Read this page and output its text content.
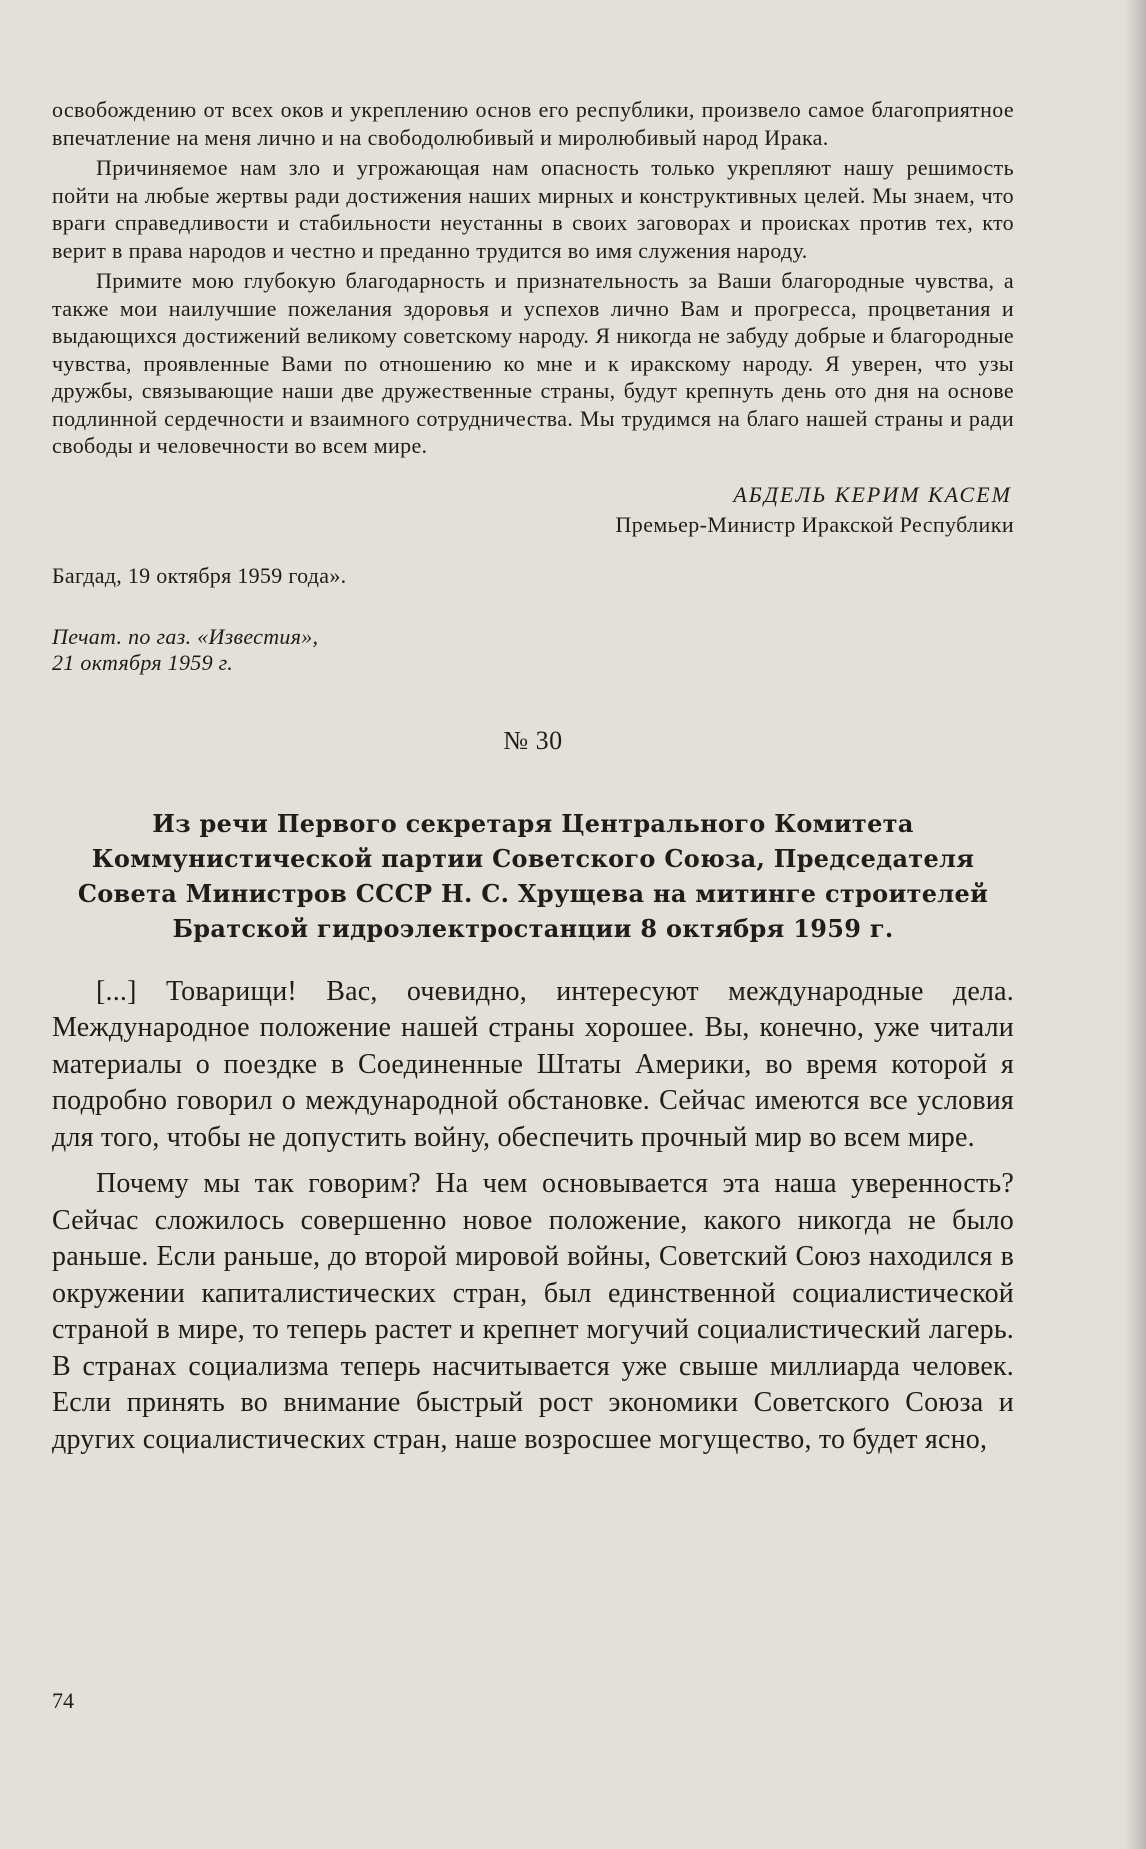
освобождению от всех оков и укреплению основ его республики, произвело самое благоприятное впечатление на меня лично и на свободолюбивый и миролюбивый народ Ирака.

Причиняемое нам зло и угрожающая нам опасность только укрепляют нашу решимость пойти на любые жертвы ради достижения наших мирных и конструктивных целей. Мы знаем, что враги справедливости и стабильности неустанны в своих заговорах и происках против тех, кто верит в права народов и честно и преданно трудится во имя служения народу.

Примите мою глубокую благодарность и признательность за Ваши благородные чувства, а также мои наилучшие пожелания здоровья и успехов лично Вам и прогресса, процветания и выдающихся достижений великому советскому народу. Я никогда не забуду добрые и благородные чувства, проявленные Вами по отношению ко мне и к иракскому народу. Я уверен, что узы дружбы, связывающие наши две дружественные страны, будут крепнуть день ото дня на основе подлинной сердечности и взаимного сотрудничества. Мы трудимся на благо нашей страны и ради свободы и человечности во всем мире.

АБДЕЛЬ КЕРИМ КАСЕМ
Премьер-Министр Иракской Республики
Багдад, 19 октября 1959 года».
Печат. по газ. «Известия»,
21 октября 1959 г.
№ 30
Из речи Первого секретаря Центрального Комитета Коммунистической партии Советского Союза, Председателя Совета Министров СССР Н. С. Хрущева на митинге строителей Братской гидроэлектростанции 8 октября 1959 г.

[...] Товарищи! Вас, очевидно, интересуют международные дела. Международное положение нашей страны хорошее. Вы, конечно, уже читали материалы о поездке в Соединенные Штаты Америки, во время которой я подробно говорил о международной обстановке. Сейчас имеются все условия для того, чтобы не допустить войну, обеспечить прочный мир во всем мире.

Почему мы так говорим? На чем основывается эта наша уверенность? Сейчас сложилось совершенно новое положение, какого никогда не было раньше. Если раньше, до второй мировой войны, Советский Союз находился в окружении капиталистических стран, был единственной социалистической страной в мире, то теперь растет и крепнет могучий социалистический лагерь. В странах социализма теперь насчитывается уже свыше миллиарда человек. Если принять во внимание быстрый рост экономики Советского Союза и других социалистических стран, наше возросшее могущество, то будет ясно,

74
